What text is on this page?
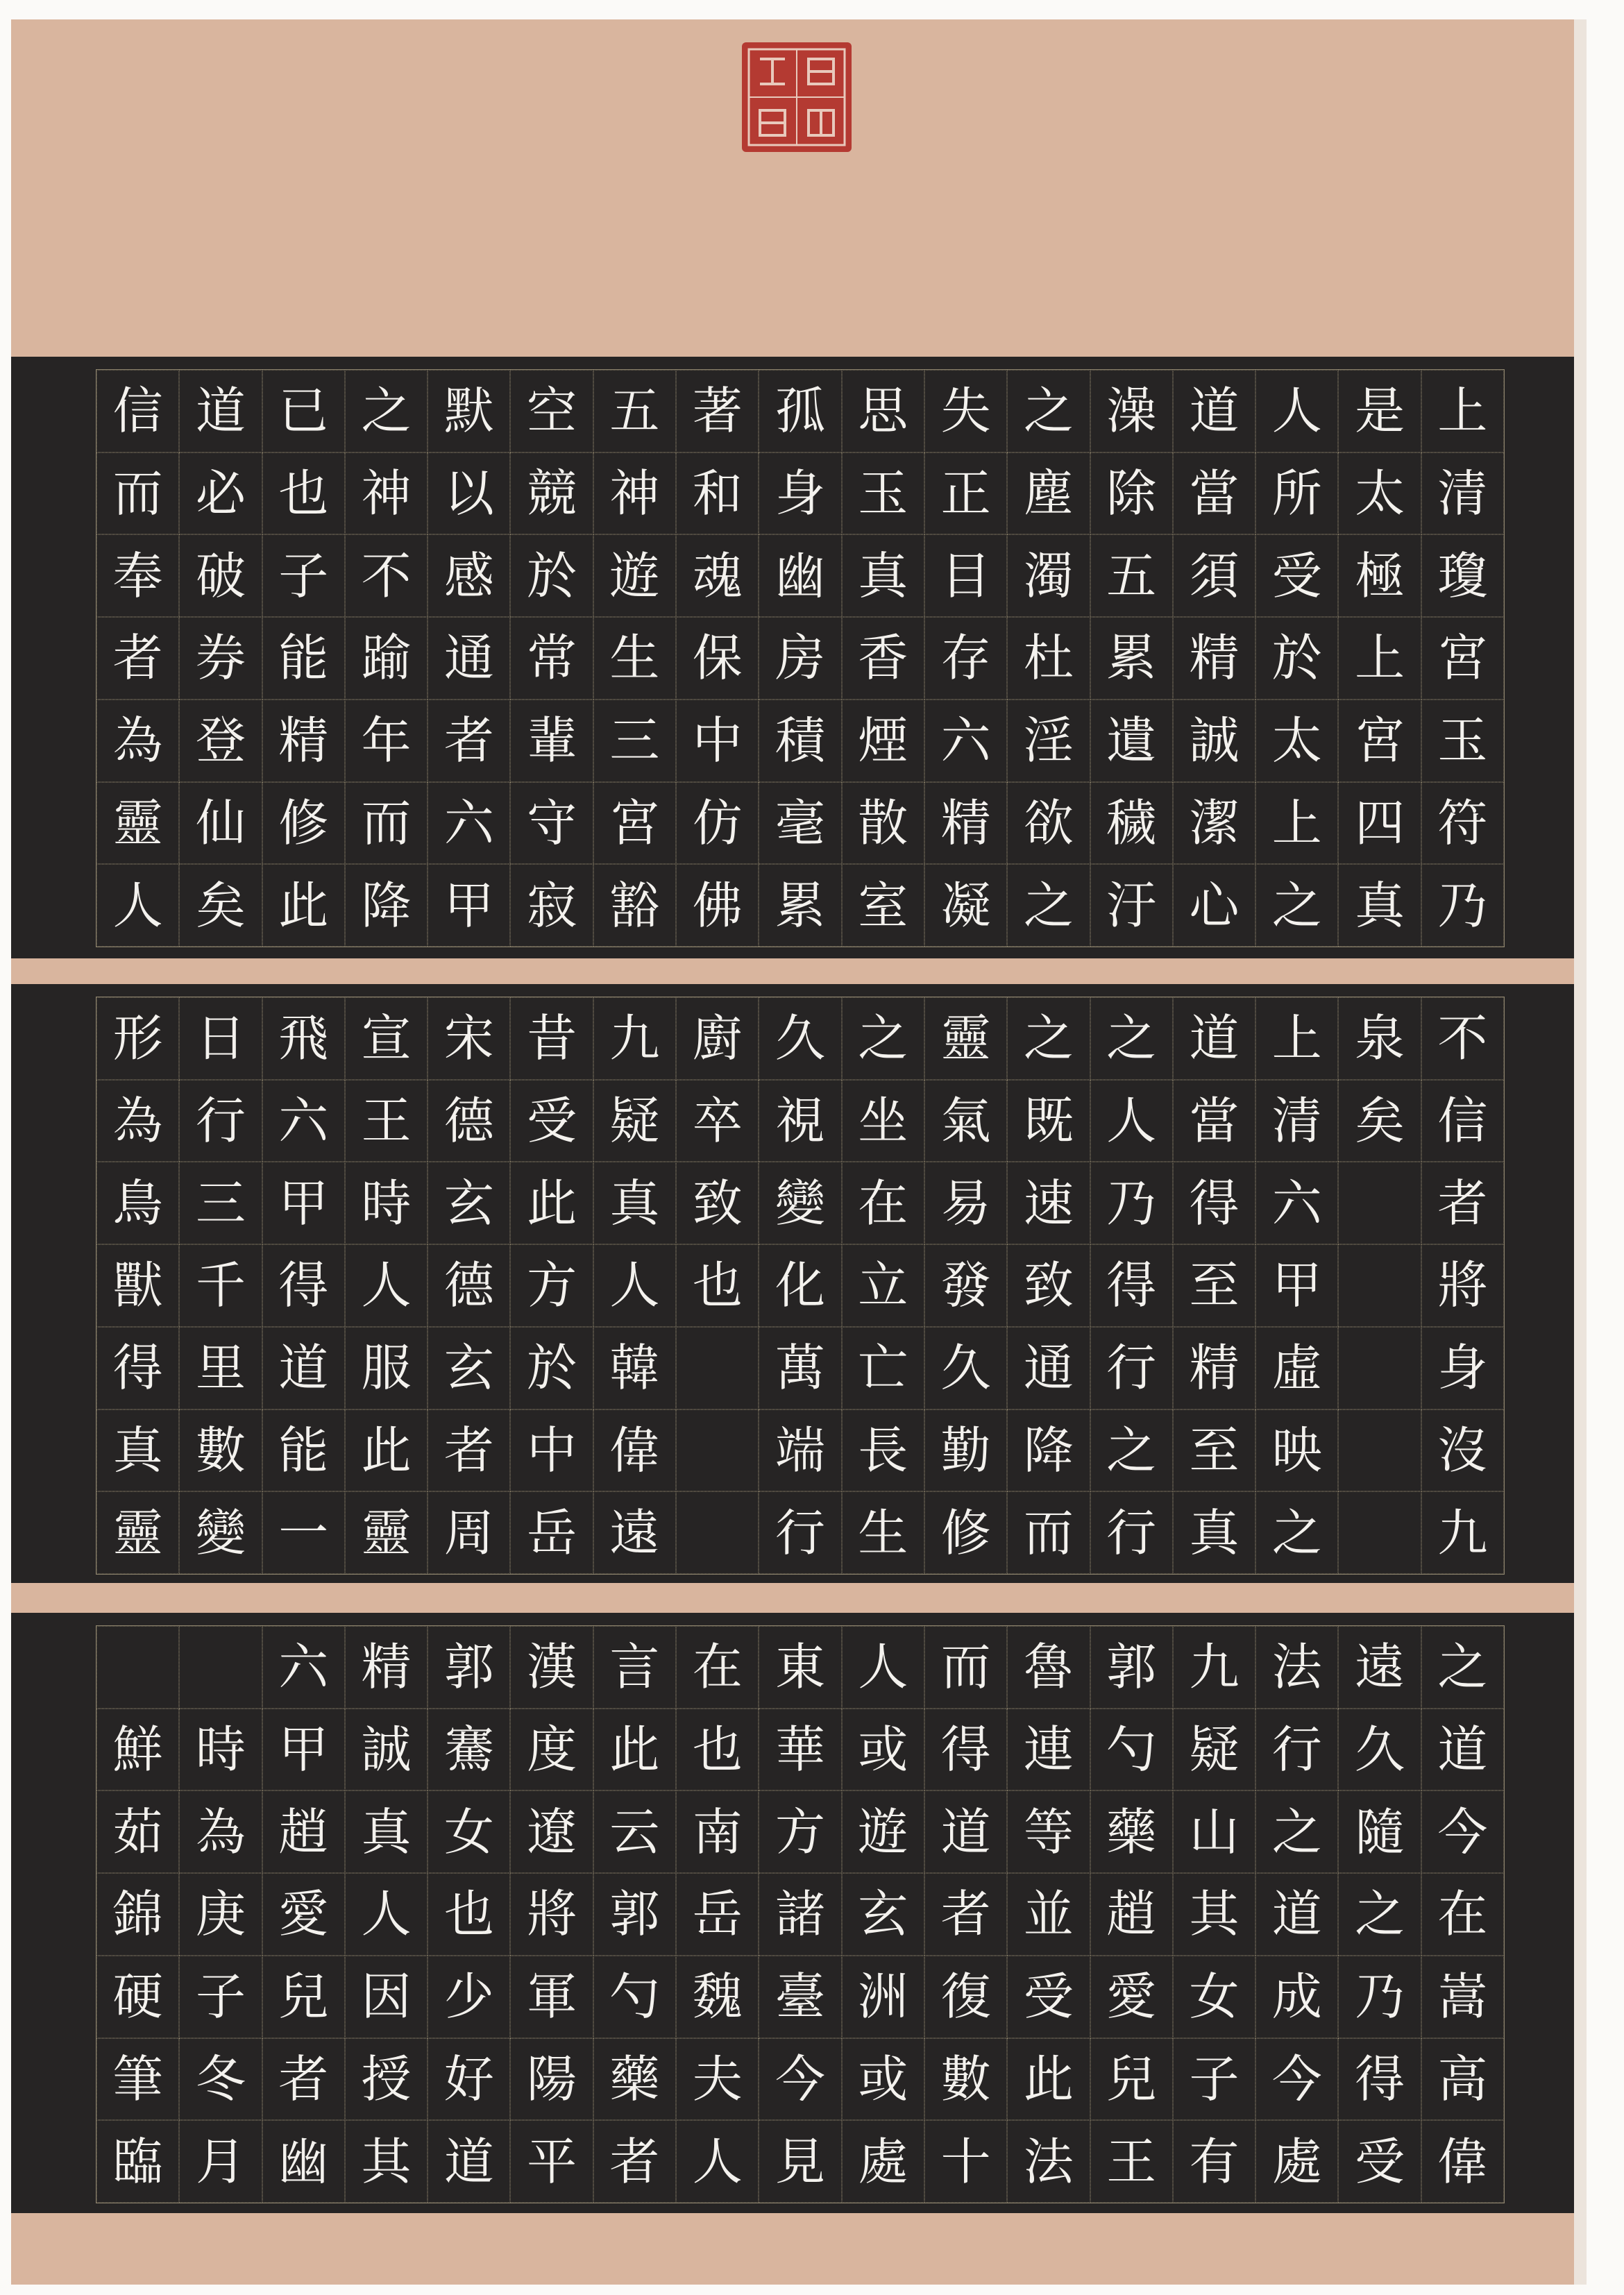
上
清
瓊
宮
玉
符
乃
是
太
極
上
宮
四
真
人
所
受
於
太
上
之
道
當
須
精
誠
潔
心
澡
除
五
累
遺
穢
汙
之
塵
濁
杜
淫
欲
之
失
正
目
存
六
精
凝
思
玉
真
香
煙
散
室
孤
身
幽
房
積
毫
累
著
和
魂
保
中
仿
佛
五
神
遊
生
三
宮
豁
空
競
於
常
輩
守
寂
默
以
感
通
者
六
甲
之
神
不
踰
年
而
降
已
也
子
能
精
修
此
道
必
破
券
登
仙
矣
信
而
奉
者
為
靈
人
不
信
者
將
身
沒
九
泉
矣
上
清
六
甲
虛
映
之
道
當
得
至
精
至
真
之
人
乃
得
行
之
行
之
既
速
致
通
降
而
靈
氣
易
發
久
勤
修
之
坐
在
立
亡
長
生
久
視
變
化
萬
端
行
廚
卒
致
也
九
疑
真
人
韓
偉
遠
昔
受
此
方
於
中
岳
宋
德
玄
德
玄
者
周
宣
王
時
人
服
此
靈
飛
六
甲
得
道
能
一
日
行
三
千
里
數
變
形
為
鳥
獸
得
真
靈
之
道
今
在
嵩
高
偉
遠
久
隨
之
乃
得
受
法
行
之
道
成
今
處
九
疑
山
其
女
子
有
郭
勺
藥
趙
愛
兒
王
魯
連
等
並
受
此
法
而
得
道
者
復
數
十
人
或
遊
玄
洲
或
處
東
華
方
諸
臺
今
見
在
也
南
岳
魏
夫
人
言
此
云
郭
勺
藥
者
漢
度
遼
將
軍
陽
平
郭
騫
女
也
少
好
道
精
誠
真
人
因
授
其
六
甲
趙
愛
兒
者
幽
時
為
庚
子
冬
月
鮮
茹
錦
硬
筆
臨
